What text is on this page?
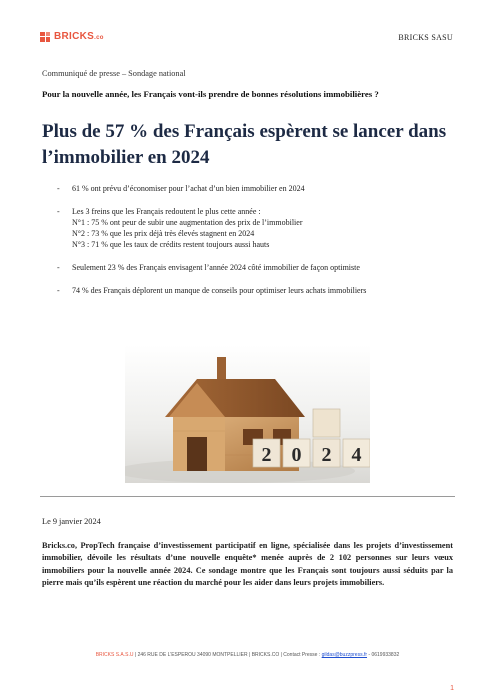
BRICKS.co	BRICKS SASU
Communiqué de presse – Sondage national
Pour la nouvelle année, les Français vont-ils prendre de bonnes résolutions immobilières ?
Plus de 57 % des Français espèrent se lancer dans l’immobilier en 2024
- 61 % ont prévu d’économiser pour l’achat d’un bien immobilier en 2024
- Les 3 freins que les Français redoutent le plus cette année :
N°1 : 75 % ont peur de subir une augmentation des prix de l’immobilier
N°2 : 73 % que les prix déjà très élevés stagnent en 2024
N°3 : 71 % que les taux de crédits restent toujours aussi hauts
- Seulement 23 % des Français envisagent l’année 2024 côté immobilier de façon optimiste
- 74 % des Français déplorent un manque de conseils pour optimiser leurs achats immobiliers
2 0 2 4
Le 9 janvier 2024

Bricks.co, PropTech française d’investissement participatif en ligne, spécialisée dans les projets d’investissement immobilier, dévoile les résultats d’une nouvelle enquête* menée auprès de 2 102 personnes sur leurs vœux immobiliers pour la nouvelle année 2024. Ce sondage montre que les Français sont toujours aussi séduits par la pierre mais qu’ils espèrent une réaction du marché pour les aider dans leurs projets immobiliers.

BRICKS S.A.S.U | 246 RUE DE L’ESPEROU 34090 MONTPELLIER | BRICKS.CO | Contact Presse : gildas@buzzpress.fr - 0619933832
1
